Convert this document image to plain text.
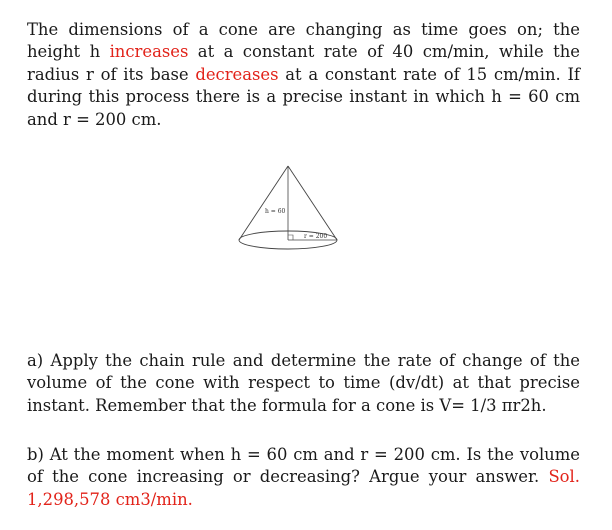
The dimensions of a cone are changing as time goes on; the height h increases at a constant rate of 40 cm/min, while the radius r of its base decreases at a constant rate of 15 cm/min. If during this process there is a precise instant in which h = 60 cm and r = 200 cm.

h = 60
r = 200

a) Apply the chain rule and determine the rate of change of the volume of the cone with respect to time (dv/dt) at that precise instant. Remember that the formula for a cone is V= 1/3 πr2h.

b) At the moment when h = 60 cm and r = 200 cm. Is the volume of the cone increasing or decreasing? Argue your answer. Sol. 1,298,578 cm3/min.
